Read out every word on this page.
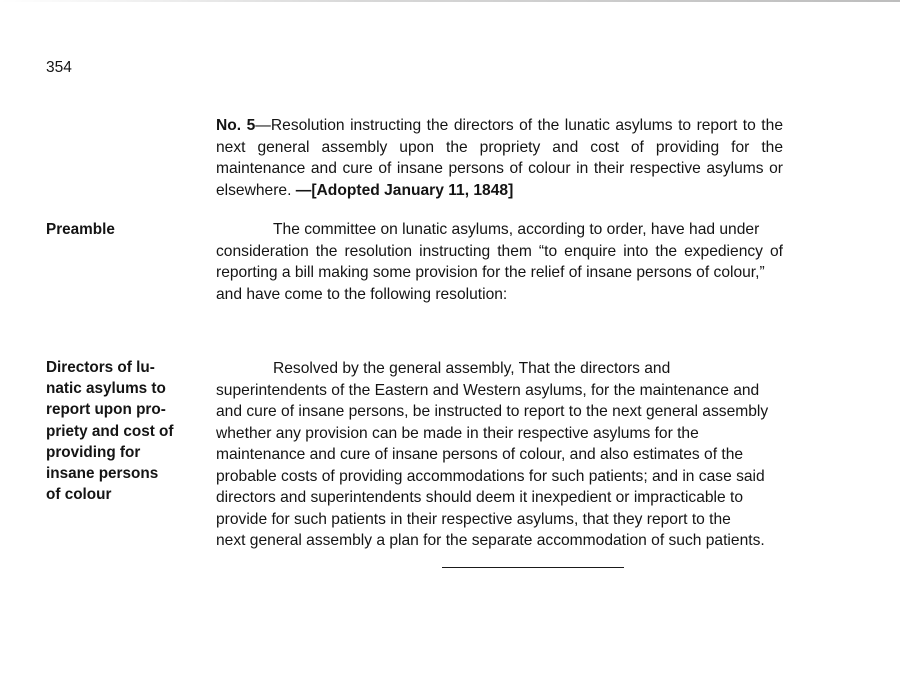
354
No. 5—Resolution instructing the directors of the lunatic asylums to report to the
next general assembly upon the propriety and cost of providing for the
maintenance and cure of insane persons of colour in their respective asylums or
elsewhere. —[Adopted January 11, 1848]
Preamble	The committee on lunatic asylums, according to order, have had under
consideration the resolution instructing them “to enquire into the expediency of
reporting a bill making some provision for the relief of insane persons of colour,”
and have come to the following resolution:
Directors of lu-
natic asylums to
report upon pro-
priety and cost of
providing for
insane persons
of colour
Resolved by the general assembly, That the directors and
superintendents of the Eastern and Western asylums, for the maintenance and
and cure of insane persons, be instructed to report to the next general assembly
whether any provision can be made in their respective asylums for the
maintenance and cure of insane persons of colour, and also estimates of the
probable costs of providing accommodations for such patients; and in case said
directors and superintendents should deem it inexpedient or impracticable to
provide for such patients in their respective asylums, that they report to the
next general assembly a plan for the separate accommodation of such patients.
